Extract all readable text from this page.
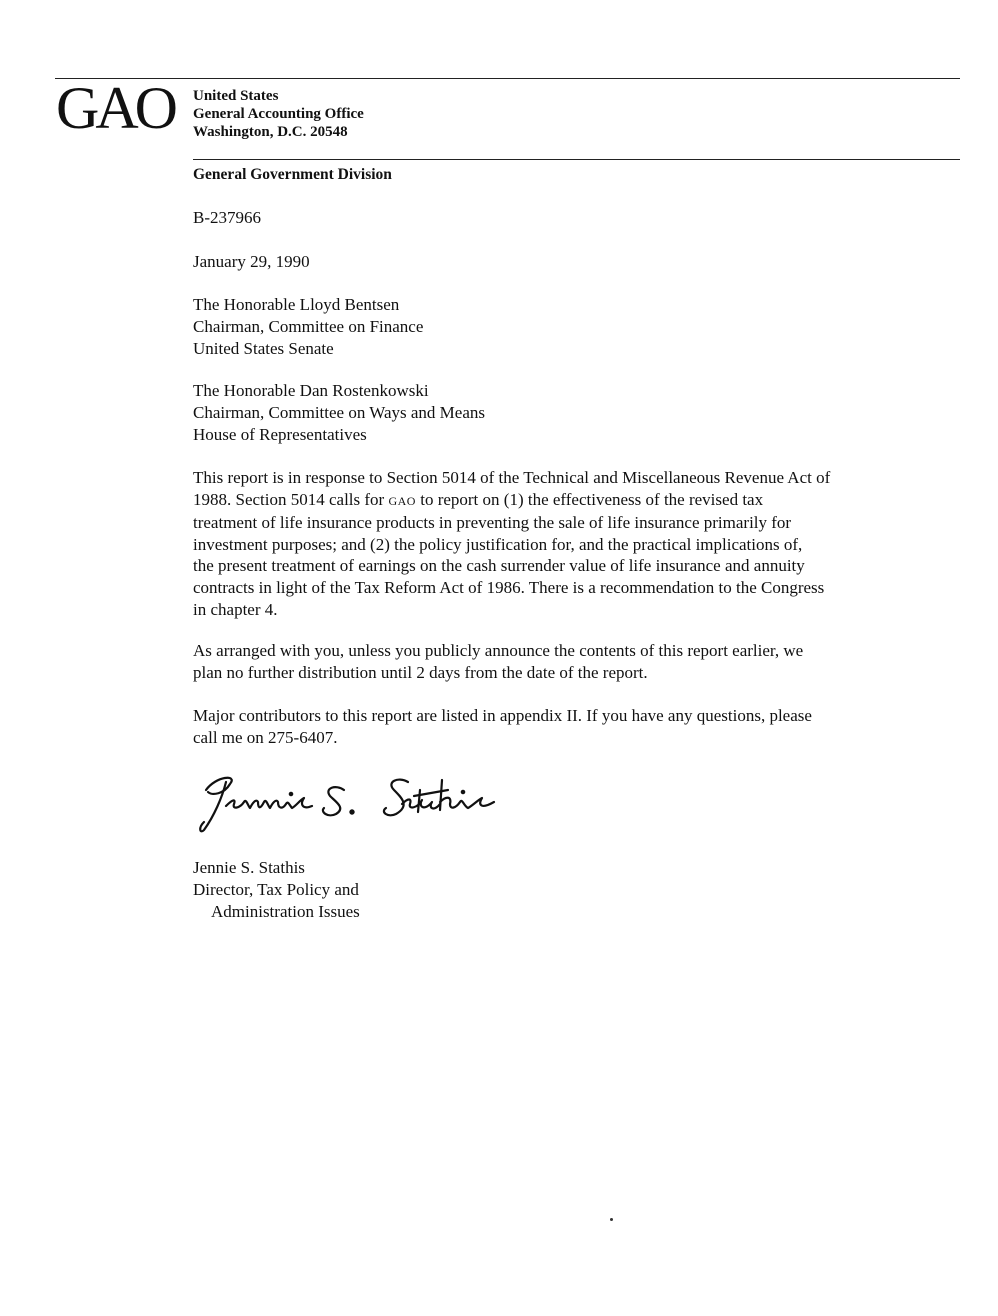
GAO United States
General Accounting Office
Washington, D.C. 20548
General Government Division
B-237966
January 29, 1990
The Honorable Lloyd Bentsen
Chairman, Committee on Finance
United States Senate
The Honorable Dan Rostenkowski
Chairman, Committee on Ways and Means
House of Representatives
This report is in response to Section 5014 of the Technical and Miscellaneous Revenue Act of
1988. Section 5014 calls for GAO to report on (1) the effectiveness of the revised tax
treatment of life insurance products in preventing the sale of life insurance primarily for
investment purposes; and (2) the policy justification for, and the practical implications of,
the present treatment of earnings on the cash surrender value of life insurance and annuity
contracts in light of the Tax Reform Act of 1986. There is a recommendation to the Congress
in chapter 4.
As arranged with you, unless you publicly announce the contents of this report earlier, we
plan no further distribution until 2 days from the date of the report.
Major contributors to this report are listed in appendix II. If you have any questions, please
call me on 275-6407.
Jennie S. Stathis
Director, Tax Policy and
Administration Issues
